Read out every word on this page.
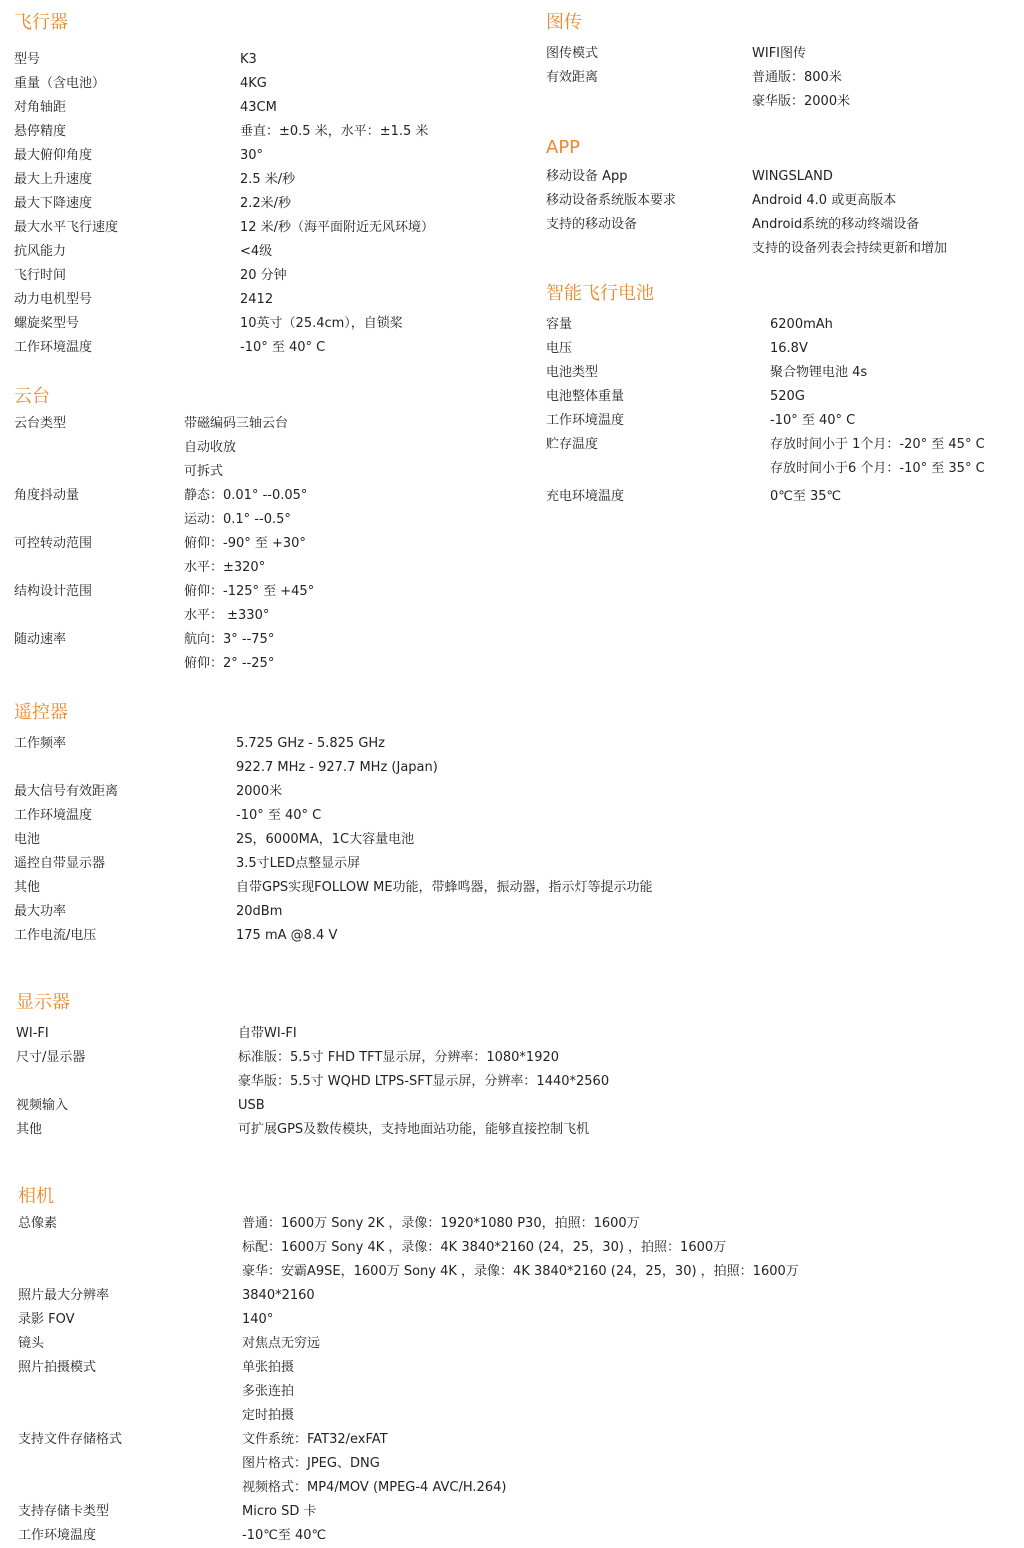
飞行器
型号	K3
重量（含电池）	4KG
对角轴距	43CM
悬停精度	垂直：±0.5 米，水平：±1.5 米
最大俯仰角度	30°
最大上升速度	2.5 米/秒
最大下降速度	2.2米/秒
最大水平飞行速度	12 米/秒（海平面附近无风环境）
抗风能力	<4级
飞行时间	20 分钟
动力电机型号	2412
螺旋桨型号	10英寸（25.4cm），自锁桨
工作环境温度	-10° 至 40° C
云台
云台类型	带磁编码三轴云台
自动收放
可拆式
角度抖动量	静态：0.01° --0.05°
运动：0.1° --0.5°
可控转动范围	俯仰：-90° 至 +30°
水平：±320°
结构设计范围	俯仰：-125° 至 +45°
水平： ±330°
随动速率	航向：3° --75°
俯仰：2° --25°
遥控器
工作频率	5.725 GHz - 5.825 GHz
922.7 MHz - 927.7 MHz (Japan)
最大信号有效距离	2000米
工作环境温度	-10° 至 40° C
电池	2S，6000MA，1C大容量电池
遥控自带显示器	3.5寸LED点整显示屏
其他	自带GPS实现FOLLOW ME功能，带蜂鸣器，振动器，指示灯等提示功能
最大功率	20dBm
工作电流/电压	175 mA @8.4 V
显示器
WI-FI	自带WI-FI
尺寸/显示器	标准版：5.5寸 FHD TFT显示屏，分辨率：1080*1920
豪华版：5.5寸 WQHD LTPS-SFT显示屏，分辨率：1440*2560
视频输入	USB
其他	可扩展GPS及数传模块，支持地面站功能，能够直接控制飞机
相机
总像素	普通：1600万 Sony 2K ，录像：1920*1080 P30，拍照：1600万
标配：1600万 Sony 4K ，录像：4K 3840*2160 (24，25，30) ，拍照：1600万
豪华：安霸A9SE，1600万 Sony 4K ，录像：4K 3840*2160 (24，25，30) ，拍照：1600万
照片最大分辨率	3840*2160
录影 FOV	140°
镜头	对焦点无穷远
照片拍摄模式	单张拍摄
多张连拍
定时拍摄
支持文件存储格式	文件系统：FAT32/exFAT
图片格式：JPEG、DNG
视频格式：MP4/MOV (MPEG-4 AVC/H.264)
支持存储卡类型	Micro SD 卡
工作环境温度	-10℃至 40℃
图传
图传模式	WIFI图传
有效距离	普通版：800米
豪华版：2000米
APP
移动设备 App	WINGSLAND
移动设备系统版本要求	Android 4.0 或更高版本
支持的移动设备	Android系统的移动终端设备
支持的设备列表会持续更新和增加
智能飞行电池
容量	6200mAh
电压	16.8V
电池类型	聚合物锂电池 4s
电池整体重量	520G
工作环境温度	-10° 至 40° C
贮存温度	存放时间小于 1个月：-20° 至 45° C
存放时间小于6 个月：-10° 至 35° C
充电环境温度	0℃至 35℃
